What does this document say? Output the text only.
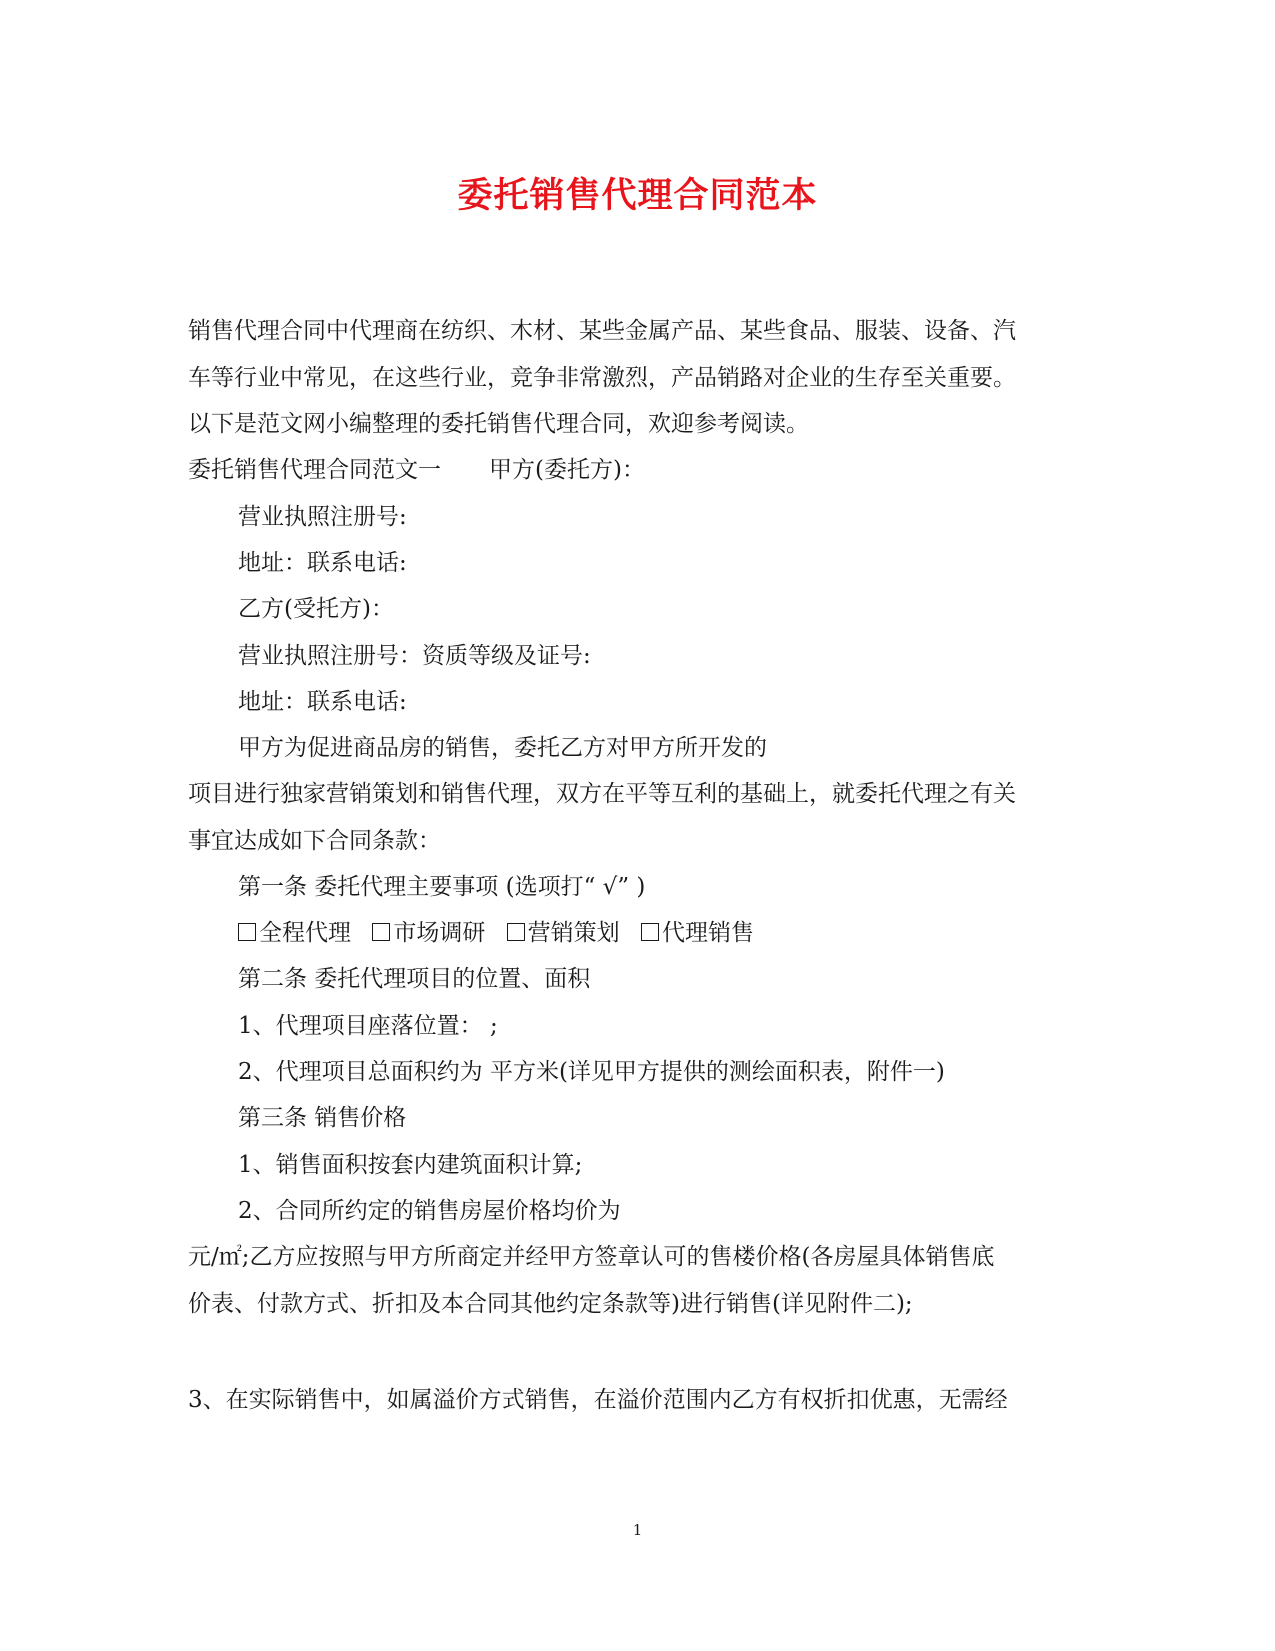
委托销售代理合同范本
销售代理合同中代理商在纺织、木材、某些金属产品、某些食品、服装、设备、汽
车等行业中常见，在这些行业，竞争非常激烈，产品销路对企业的生存至关重要。
以下是范文网小编整理的委托销售代理合同，欢迎参考阅读。
委托销售代理合同范文一 甲方(委托方)：
营业执照注册号:
地址：联系电话:
乙方(受托方)：
营业执照注册号：资质等级及证号:
地址：联系电话:
甲方为促进商品房的销售，委托乙方对甲方所开发的
项目进行独家营销策划和销售代理，双方在平等互利的基础上，就委托代理之有关
事宜达成如下合同条款：
第一条 委托代理主要事项 (选项打“ √” )
全程代理 市场调研 营销策划 代理销售
第二条 委托代理项目的位置、面积
1、代理项目座落位置： ;
2、代理项目总面积约为 平方米(详见甲方提供的测绘面积表，附件一)
第三条 销售价格
1、销售面积按套内建筑面积计算;
2、合同所约定的销售房屋价格均价为
元/㎡;乙方应按照与甲方所商定并经甲方签章认可的售楼价格(各房屋具体销售底
价表、付款方式、折扣及本合同其他约定条款等)进行销售(详见附件二);
3、在实际销售中，如属溢价方式销售，在溢价范围内乙方有权折扣优惠，无需经
1
